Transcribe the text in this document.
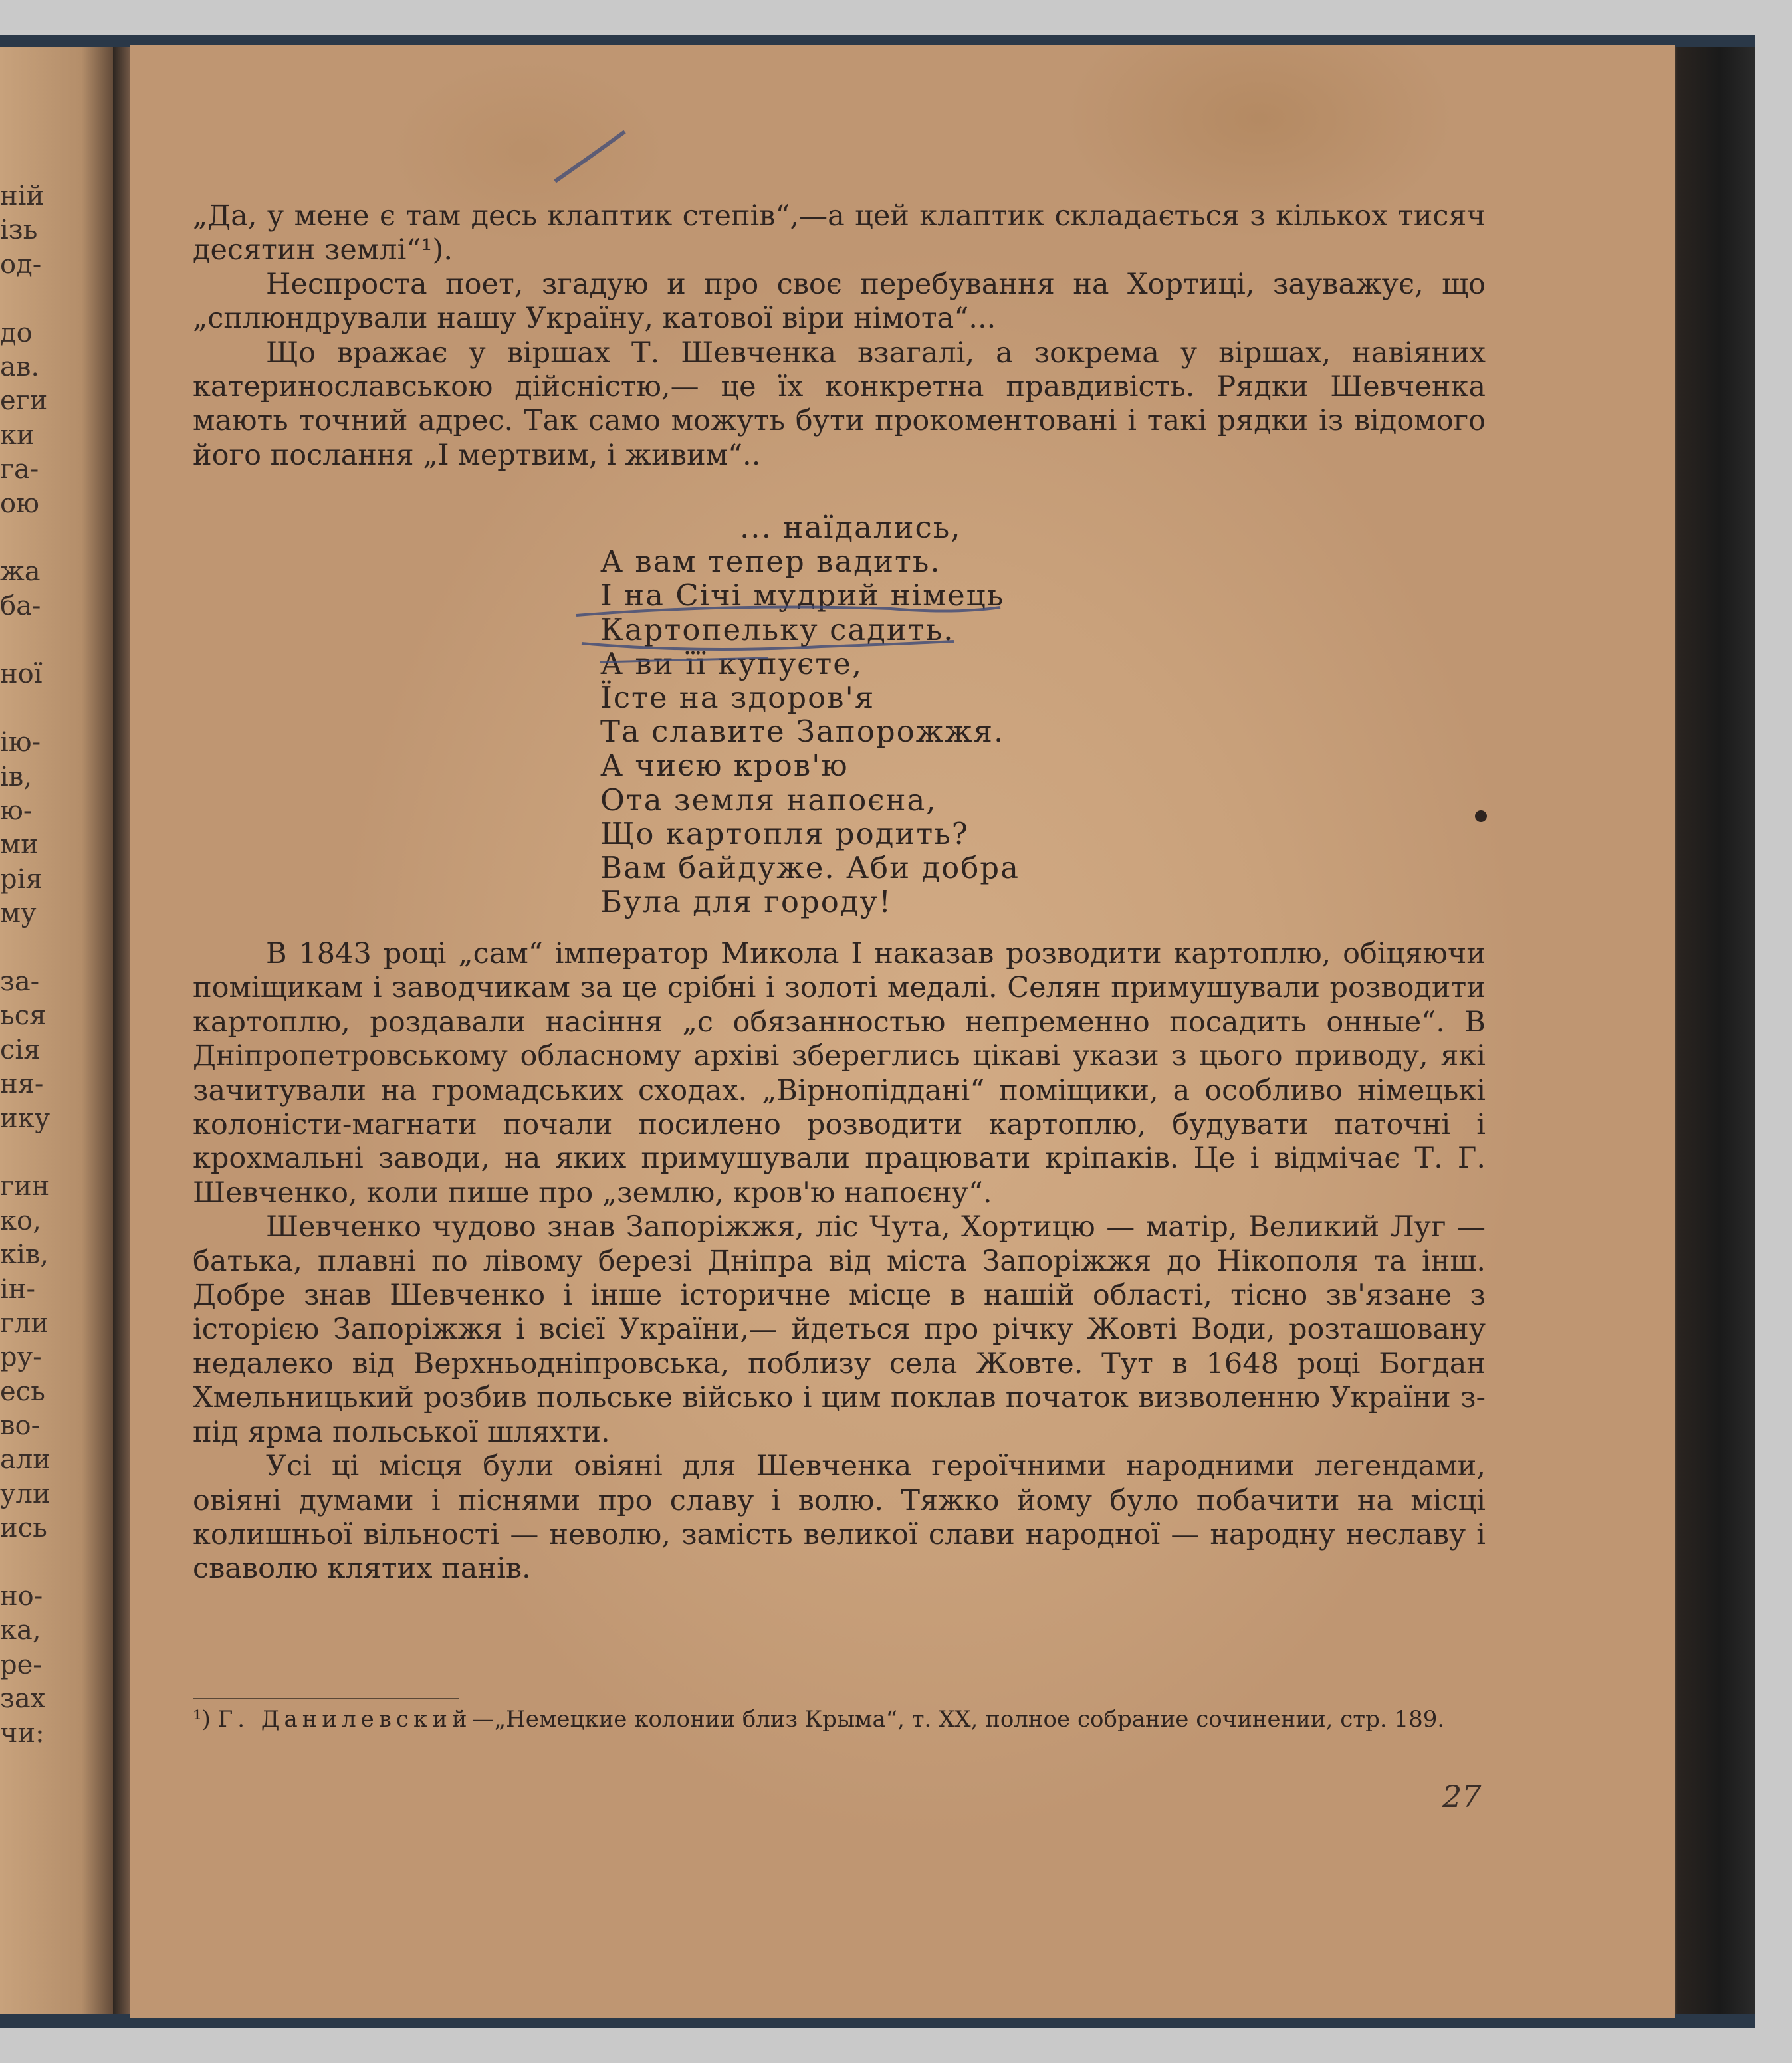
ній
ізь
од-
до
ав.
еги
ки
га-
ою
жа
ба-
ної
ію-
ів,
ю-
ми
рія
му
за-
ься
сія
ня-
ику
гин
ко,
ків,
ін-
гли
ру-
есь
во-
али
ули
ись
но-
ка,
ре-
зах
чи:

„Да, у мене є там десь клаптик степів“,—а цей клаптик складається з кількох тисяч десятин землі“¹).

Неспроста поет, згадую и про своє перебування на Хортиці, зауважує, що „сплюндрували нашу Україну, катової віри німота“...

Що вражає у віршах Т. Шевченка взагалі, а зокрема у віршах, навіяних катеринославською дійсністю,— це їх конкретна правдивість. Рядки Шевченка мають точний адрес. Так само можуть бути прокоментовані і такі рядки із відомого його послання „І мертвим, і живим“..

... наїдались,
А вам тепер вадить.
І на Січі мудрий німець
Картопельку садить.
А ви її купуєте,
Їсте на здоров'я
Та славите Запорожжя.
А чиєю кров'ю
Ота земля напоєна,
Що картопля родить?
Вам байдуже. Аби добра
Була для городу!

В 1843 році „сам“ імператор Микола І наказав розводити картоплю, обіцяючи поміщикам і заводчикам за це срібні і золоті медалі. Селян примушували розводити картоплю, роздавали насіння „с обязанностью непременно посадить онные“. В Дніпропетровському обласному архіві збереглись цікаві укази з цього приводу, які зачитували на громадських сходах. „Вірнопіддані“ поміщики, а особливо німецькі колоністи-магнати почали посилено розводити картоплю, будувати паточні і крохмальні заводи, на яких примушували працювати кріпаків. Це і відмічає Т. Г. Шевченко, коли пише про „землю, кров'ю напоєну“.

Шевченко чудово знав Запоріжжя, ліс Чута, Хортицю — матір, Великий Луг — батька, плавні по лівому березі Дніпра від міста Запоріжжя до Нікополя та інш. Добре знав Шевченко і інше історичне місце в нашій області, тісно зв'язане з історією Запоріжжя і всієї України,— йдеться про річку Жовті Води, розташовану недалеко від Верхньодніпровська, поблизу села Жовте. Тут в 1648 році Богдан Хмельницький розбив польське військо і цим поклав початок визволенню України з-під ярма польської шляхти.

Усі ці місця були овіяні для Шевченка героїчними народними легендами, овіяні думами і піснями про славу і волю. Тяжко йому було побачити на місці колишньої вільності — неволю, замість великої слави народної — народну неславу і сваволю клятих панів.

¹) Г. Данилевский—„Немецкие колонии близ Крыма“, т. XX, полное собрание сочинении, стр. 189.
27
